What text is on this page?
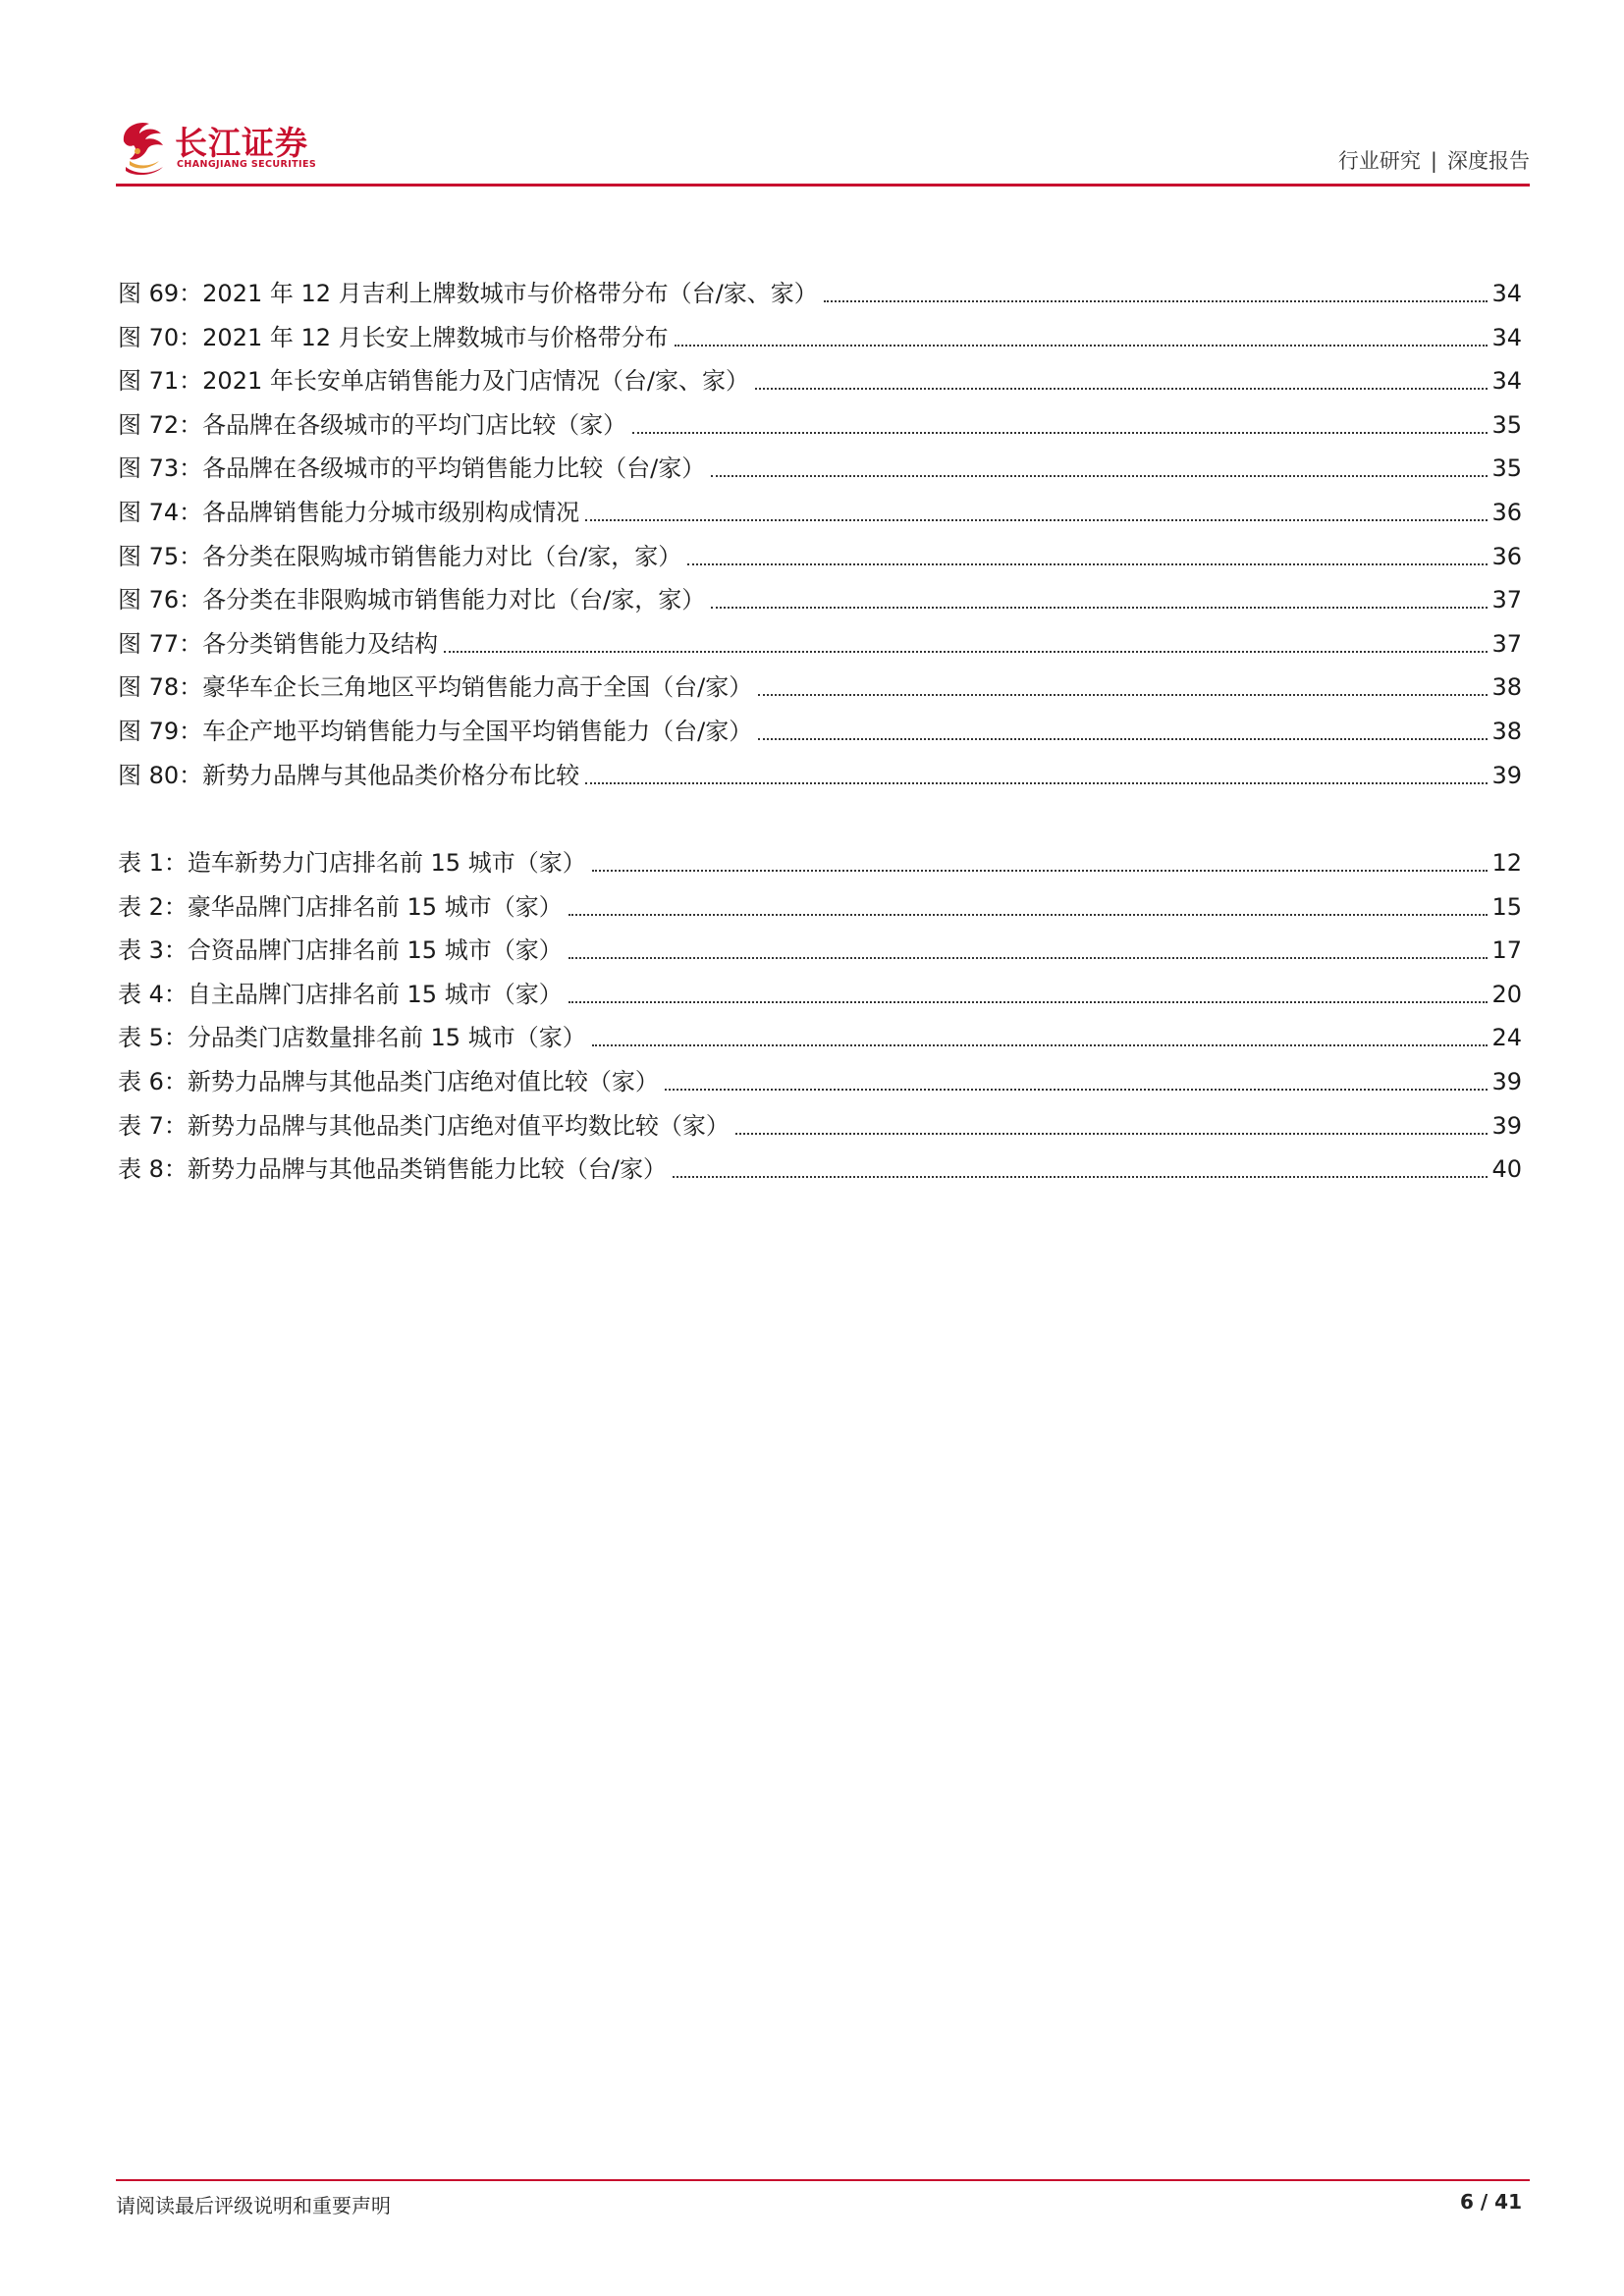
长江证券
CHANGJIANG SECURITIES	行业研究 | 深度报告
图 69：2021 年 12 月吉利上牌数城市与价格带分布（台/家、家）	34
图 70：2021 年 12 月长安上牌数城市与价格带分布	34
图 71：2021 年长安单店销售能力及门店情况（台/家、家）	34
图 72：各品牌在各级城市的平均门店比较（家）	35
图 73：各品牌在各级城市的平均销售能力比较（台/家）	35
图 74：各品牌销售能力分城市级别构成情况	36
图 75：各分类在限购城市销售能力对比（台/家，家）	36
图 76：各分类在非限购城市销售能力对比（台/家，家）	37
图 77：各分类销售能力及结构	37
图 78：豪华车企长三角地区平均销售能力高于全国（台/家）	38
图 79：车企产地平均销售能力与全国平均销售能力（台/家）	38
图 80：新势力品牌与其他品类价格分布比较	39
表 1：造车新势力门店排名前 15 城市（家）	12
表 2：豪华品牌门店排名前 15 城市（家）	15
表 3：合资品牌门店排名前 15 城市（家）	17
表 4：自主品牌门店排名前 15 城市（家）	20
表 5：分品类门店数量排名前 15 城市（家）	24
表 6：新势力品牌与其他品类门店绝对值比较（家）	39
表 7：新势力品牌与其他品类门店绝对值平均数比较（家）	39
表 8：新势力品牌与其他品类销售能力比较（台/家）	40
请阅读最后评级说明和重要声明	6 / 41
